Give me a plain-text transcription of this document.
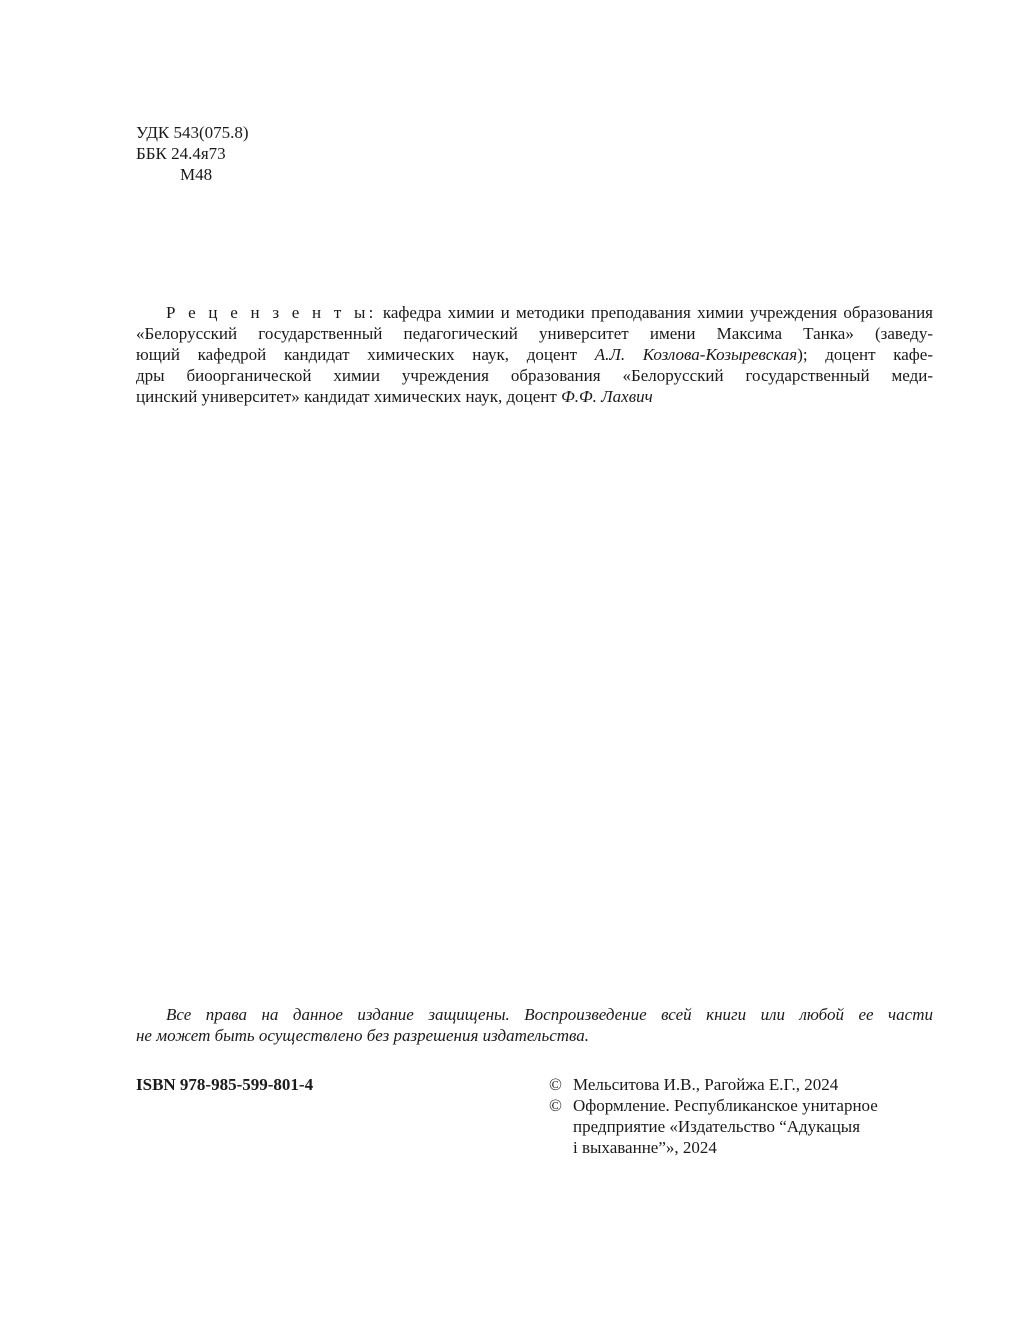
УДК 543(075.8)
ББК 24.4я73
М48
Р е ц е н з е н т ы: кафедра химии и методики преподавания химии учреждения образования
«Белорусский государственный педагогический университет имени Максима Танка» (заведу-
ющий кафедрой кандидат химических наук, доцент А.Л. Козлова-Козыревская); доцент кафе-
дры биоорганической химии учреждения образования «Белорусский государственный меди-
цинский университет» кандидат химических наук, доцент Ф.Ф. Лахвич
Все права на данное издание защищены. Воспроизведение всей книги или любой ее части
не может быть осуществлено без разрешения издательства.
ISBN 978-985-599-801-4	© Мельситова И.В., Рагойжа Е.Г., 2024
© Оформление. Республиканское унитарное
предприятие «Издательство “Адукацыя
і выхаванне”», 2024
